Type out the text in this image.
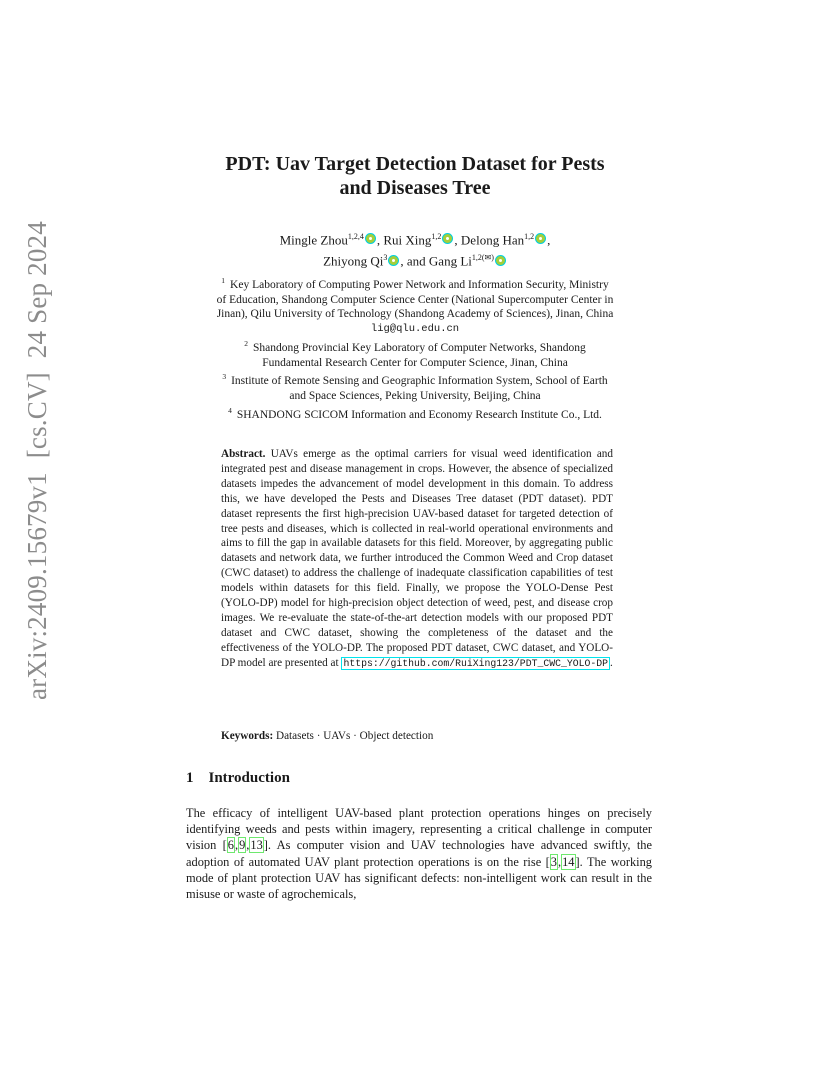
arXiv:2409.15679v1  [cs.CV]  24 Sep 2024
PDT: Uav Target Detection Dataset for Pests
and Diseases Tree
Mingle Zhou$^{1,2,4}$ , Rui Xing$^{1,2}$ , Delong Han$^{1,2}$ ,
Zhiyong Qi$^3$ , and Gang $Li^{1,2(✉)}$
$^1$ Key Laboratory of Computing Power Network and Information Security, Ministry
of Education, Shandong Computer Science Center (National Supercomputer Center in
Jinan), Qilu University of Technology (Shandong Academy of Sciences), Jinan, China
lig@qlu.edu.cn
$^2$ Shandong Provincial Key Laboratory of Computer Networks, Shandong
Fundamental Research Center for Computer Science, Jinan, China
$^3$ Institute of Remote Sensing and Geographic Information System, School of Earth
and Space Sciences, Peking University, Beijing, China
$^4$ SHANDONG SCICOM Information and Economy Research Institute Co., Ltd.
Abstract. UAVs emerge as the optimal carriers for visual weed identification and integrated pest and disease management in crops. However, the absence of specialized datasets impedes the advancement of model development in this domain. To address this, we have developed the Pests and Diseases Tree dataset (PDT dataset). PDT dataset represents the first high-precision UAV-based dataset for targeted detection of tree pests and diseases, which is collected in real-world operational environments and aims to fill the gap in available datasets for this field. Moreover, by aggregating public datasets and network data, we further introduced the Common Weed and Crop dataset (CWC dataset) to address the challenge of inadequate classification capabilities of test models within datasets for this field. Finally, we propose the YOLO-Dense Pest (YOLO-DP) model for high-precision object detection of weed, pest, and disease crop images. We re-evaluate the state-of-the-art detection models with our proposed PDT dataset and CWC dataset, showing the completeness of the dataset and the effectiveness of the YOLO-DP. The proposed PDT dataset, CWC dataset, and YOLO-DP model are presented at https://github.com/RuiXing123/PDT_CWC_YOLO-DP .
Keywords: Datasets · UAVs · Object detection
1 Introduction
The efficacy of intelligent UAV-based plant protection operations hinges on precisely identifying weeds and pests within imagery, representing a critical challenge in computer vision [6,9,13]. As computer vision and UAV technologies have advanced swiftly, the adoption of automated UAV plant protection operations is on the rise [3,14]. The working mode of plant protection UAV has significant defects: non-intelligent work can result in the misuse or waste of agrochemicals,
